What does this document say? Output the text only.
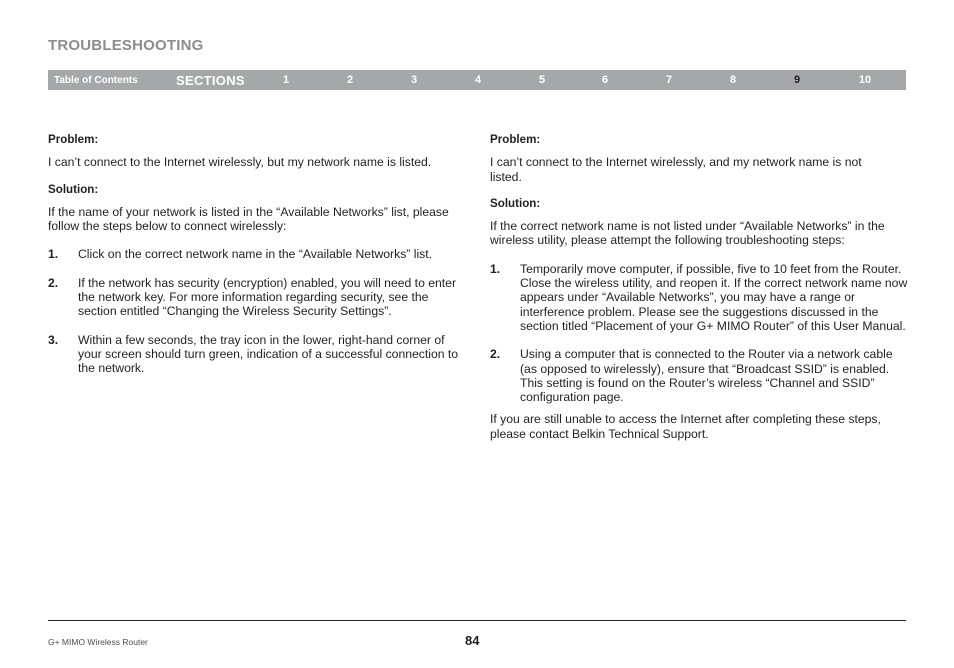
TROUBLESHOOTING
Table of Contents	SECTIONS	1	2	3	4	5	6	7	8	9	10

Problem:

I can’t connect to the Internet wirelessly, but my network name is listed.

Solution:

If the name of your network is listed in the “Available Networks” list, please follow the steps below to connect wirelessly:

1.	Click on the correct network name in the “Available Networks” list.
2.	If the network has security (encryption) enabled, you will need to enter the network key. For more information regarding security, see the section entitled “Changing the Wireless Security Settings”.
3.	Within a few seconds, the tray icon in the lower, right-hand corner of your screen should turn green, indication of a successful connection to the network.

Problem:

I can’t connect to the Internet wirelessly, and my network name is not listed.

Solution:

If the correct network name is not listed under “Available Networks” in the wireless utility, please attempt the following troubleshooting steps:

1.	Temporarily move computer, if possible, five to 10 feet from the Router. Close the wireless utility, and reopen it. If the correct network name now appears under “Available Networks”, you may have a range or interference problem. Please see the suggestions discussed in the section titled “Placement of your G+ MIMO Router” of this User Manual.
2.	Using a computer that is connected to the Router via a network cable (as opposed to wirelessly), ensure that “Broadcast SSID” is enabled. This setting is found on the Router’s wireless “Channel and SSID” configuration page.

If you are still unable to access the Internet after completing these steps, please contact Belkin Technical Support.

G+ MIMO Wireless Router	84
